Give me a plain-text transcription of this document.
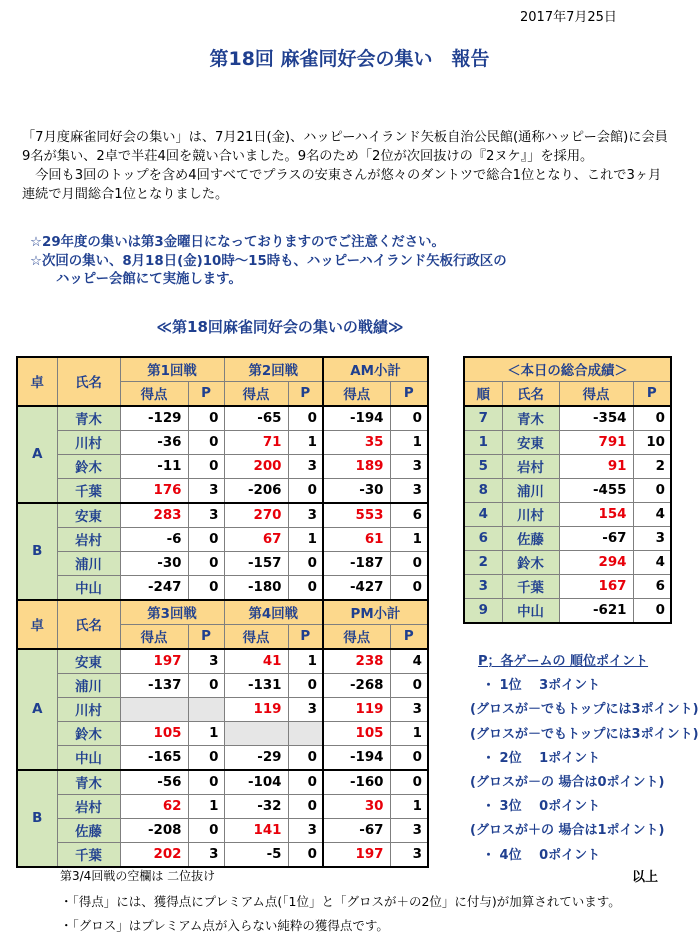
2017年7月25日
第18回 麻雀同好会の集い　報告

「7月度麻雀同好会の集い」は、7月21日(金)、ハッピーハイランド矢板自治公民館(通称ハッピー会館)に会員9名が集い、2卓で半荘4回を競い合いました。9名のため「2位が次回抜けの『2ヌケ』」を採用。

今回も3回のトップを含め4回すべてでプラスの安東さんが悠々のダントツで総合1位となり、これで3ヶ月連続で月間総合1位となりました。

☆29年度の集いは第3金曜日になっておりますのでご注意ください。

☆次回の集い、8月18日(金)10時～15時も、ハッピーハイランド矢板行政区の

ハッピー会館にて実施します。

≪第18回麻雀同好会の集いの戦績≫
卓	氏名	第1回戦		第2回戦		AM小計	
		得点	P	得点	P	得点	P
A	青木	-129	0	-65	0	-194	0
	川村	-36	0	71	1	35	1
	鈴木	-11	0	200	3	189	3
	千葉	176	3	-206	0	-30	3
B	安東	283	3	270	3	553	6
	岩村	-6	0	67	1	61	1
	浦川	-30	0	-157	0	-187	0
	中山	-247	0	-180	0	-427	0
卓	氏名	第3回戦		第4回戦		PM小計	
		得点	P	得点	P	得点	P
A	安東	197	3	41	1	238	4
	浦川	-137	0	-131	0	-268	0
	川村			119	3	119	3
	鈴木	105	1			105	1
	中山	-165	0	-29	0	-194	0
B	青木	-56	0	-104	0	-160	0
	岩村	62	1	-32	0	30	1
	佐藤	-208	0	141	3	-67	3
	千葉	202	3	-5	0	197	3
＜本日の総合成績＞			
順	氏名	得点	P
7	青木	-354	0
1	安東	791	10
5	岩村	91	2
8	浦川	-455	0
4	川村	154	4
6	佐藤	-67	3
2	鈴木	294	4
3	千葉	167	6
9	中山	-621	0
P；各ゲームの 順位ポイント
・ 1位　 3ポイント
(グロスが－でもトップには3ポイント)
(グロスが－でもトップには3ポイント)
・ 2位　 1ポイント
(グロスが－の 場合は0ポイント)
・ 3位　 0ポイント
(グロスが＋の 場合は1ポイント)
・ 4位　 0ポイント
第3/4回戦の空欄は 二位抜け	以上
・「得点」には、獲得点にプレミアム点(「1位」と「グロスが＋の2位」に付与)が加算されています。
・「グロス」はプレミアム点が入らない純粋の獲得点です。
